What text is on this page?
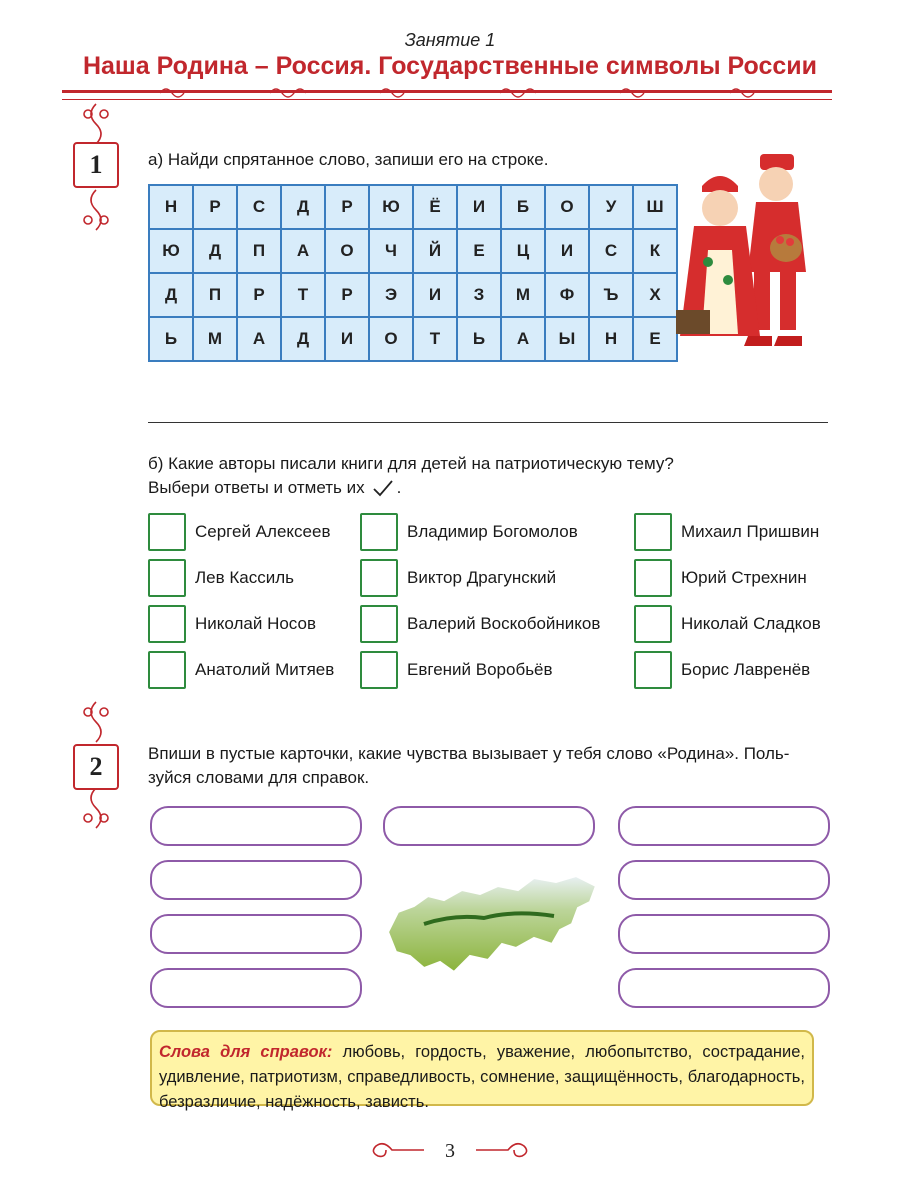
Занятие 1
Наша Родина – Россия. Государственные символы России
1	а) Найди спрятанное слово, запиши его на строке.
Н	Р	С	Д	Р	Ю	Ё	И	Б	О	У	Ш
Ю	Д	П	А	О	Ч	Й	Е	Ц	И	С	К
Д	П	Р	Т	Р	Э	И	З	М	Ф	Ъ	Х
Ь	М	А	Д	И	О	Т	Ь	А	Ы	Н	Е
б) Какие авторы писали книги для детей на патриотическую тему?
Выбери ответы и отметь их .
Сергей Алексеев
Лев Кассиль
Николай Носов
Анатолий Митяев
Владимир Богомолов
Виктор Драгунский
Валерий Воскобойников
Евгений Воробьёв
Михаил Пришвин
Юрий Стрехнин
Николай Сладков
Борис Лавренёв
2	Впиши в пустые карточки, какие чувства вызывает у тебя слово «Родина». Поль-
зуйся словами для справок.
Слова для справок: любовь, гордость, уважение, любопытство, сострадание, удивление, патриотизм, справедливость, сомнение, защищённость, благодарность, безразличие, надёжность, зависть.
3
